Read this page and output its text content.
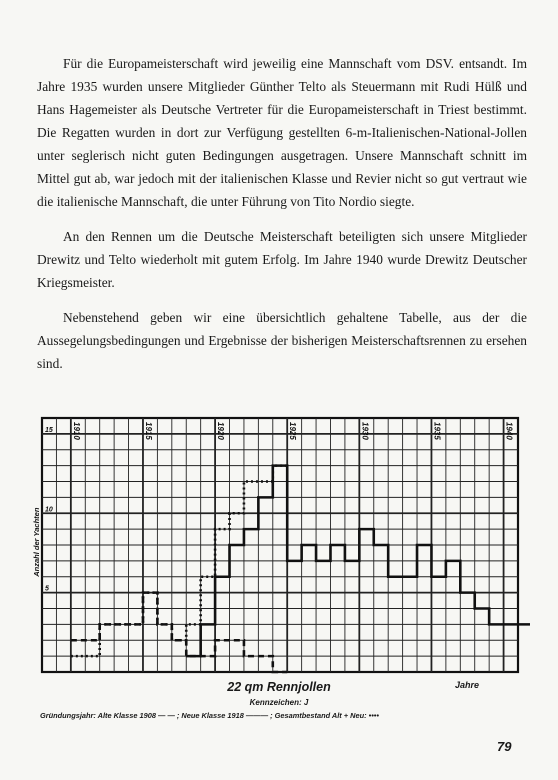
Für die Europameisterschaft wird jeweilig eine Mannschaft vom DSV. entsandt. Im Jahre 1935 wurden unsere Mitglieder Günther Telto als Steuermann mit Rudi Hülß und Hans Hagemeister als Deutsche Vertreter für die Europameisterschaft in Triest bestimmt. Die Regatten wurden in dort zur Verfügung gestellten 6-m-Italienischen-National-Jollen unter seglerisch nicht guten Bedingungen ausgetragen. Unsere Mannschaft schnitt im Mittel gut ab, war jedoch mit der italienischen Klasse und Revier nicht so gut vertraut wie die italienische Mannschaft, die unter Führung von Tito Nordio siegte.

An den Rennen um die Deutsche Meisterschaft beteiligten sich unsere Mitglieder Drewitz und Telto wiederholt mit gutem Erfolg. Im Jahre 1940 wurde Drewitz Deutscher Kriegsmeister.

Nebenstehend geben wir eine übersichtlich gehaltene Tabelle, aus der die Aussegelungsbedingungen und Ergebnisse der bisherigen Meisterschaftsrennen zu ersehen sind.

1910	1915	1920	1925	1930	1935	1940
5
10
15
Anzahl der Yachten
22 qm Rennjollen
Kennzeichen: J
Jahre
Gründungsjahr: Alte Klasse 1908 — — ; Neue Klasse 1918 ——— ; Gesamtbestand Alt + Neu: ••••
79
